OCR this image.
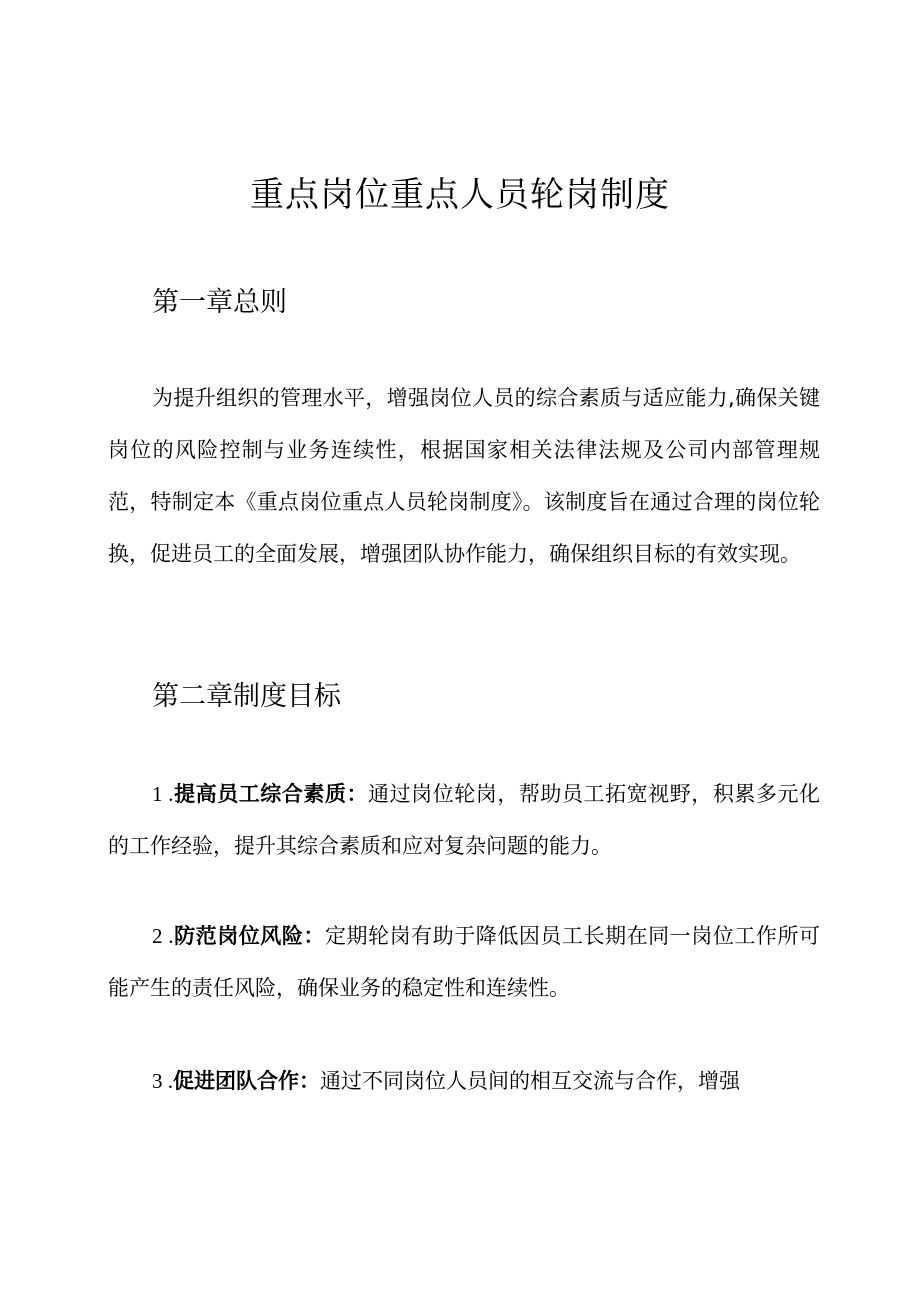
重点岗位重点人员轮岗制度
第一章总则

为提升组织的管理水平，增强岗位人员的综合素质与适应能力,确保关键岗位的风险控制与业务连续性，根据国家相关法律法规及公司内部管理规范，特制定本《重点岗位重点人员轮岗制度》。该制度旨在通过合理的岗位轮换，促进员工的全面发展，增强团队协作能力，确保组织目标的有效实现。

第二章制度目标

1 .提高员工综合素质：通过岗位轮岗，帮助员工拓宽视野，积累多元化的工作经验，提升其综合素质和应对复杂问题的能力。

2 .防范岗位风险：定期轮岗有助于降低因员工长期在同一岗位工作所可能产生的责任风险，确保业务的稳定性和连续性。

3 .促进团队合作：通过不同岗位人员间的相互交流与合作，增强
